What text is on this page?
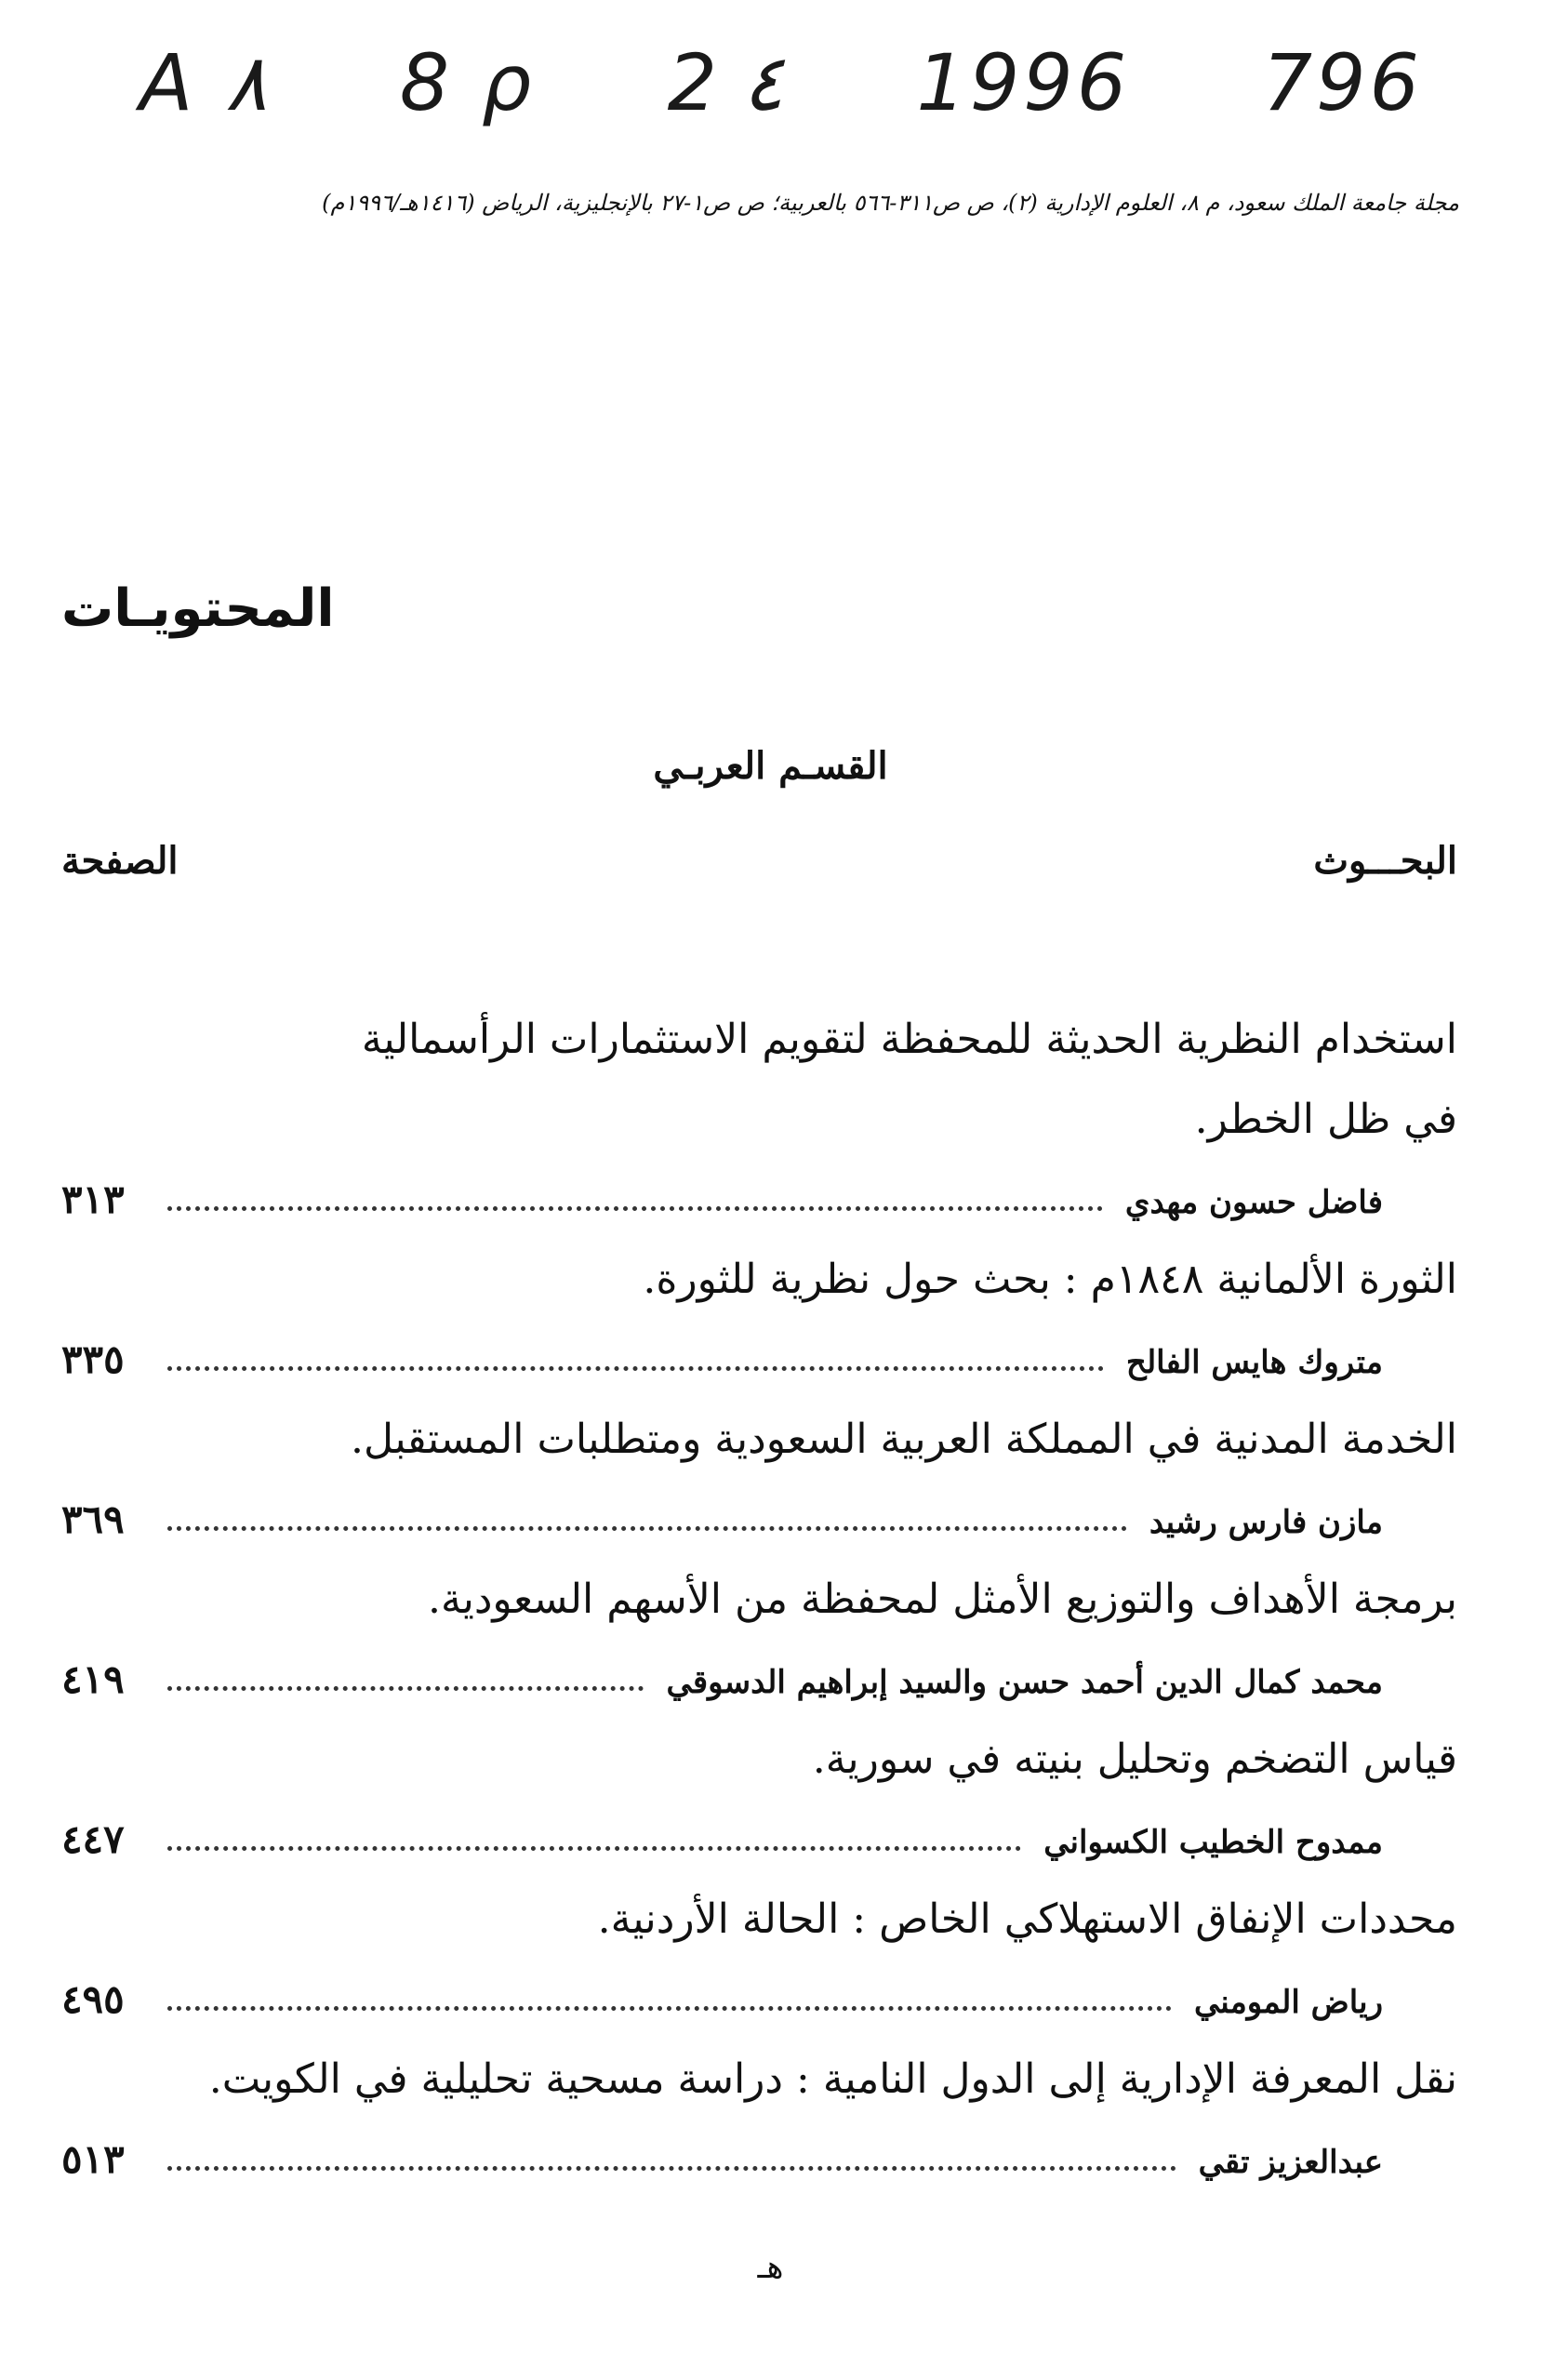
A ٨ 8 ρ 2 ٤ 1996 796
مجلة جامعة الملك سعود، م ٨، العلوم الإدارية (٢)، ص ص٣١١-٥٦٦ بالعربية؛ ص ص١-٢٧ بالإنجليزية، الرياض (١٤١٦هـ/١٩٩٦م)
المحتويـات
القسـم العربـي
البحـــوث
الصفحة
استخدام النظرية الحديثة للمحفظة لتقويم الاستثمارات الرأسمالية
في ظل الخطر.
فاضل حسون مهدي
٣١٣
الثورة الألمانية ١٨٤٨م : بحث حول نظرية للثورة.
متروك هايس الفالح
٣٣٥
الخدمة المدنية في المملكة العربية السعودية ومتطلبات المستقبل.
مازن فارس رشيد
٣٦٩
برمجة الأهداف والتوزيع الأمثل لمحفظة من الأسهم السعودية.
محمد كمال الدين أحمد حسن والسيد إبراهيم الدسوقي
٤١٩
قياس التضخم وتحليل بنيته في سورية.
ممدوح الخطيب الكسواني
٤٤٧
محددات الإنفاق الاستهلاكي الخاص : الحالة الأردنية.
رياض المومني
٤٩٥
نقل المعرفة الإدارية إلى الدول النامية : دراسة مسحية تحليلية في الكويت.
عبدالعزيز تقي
٥١٣
هـ
